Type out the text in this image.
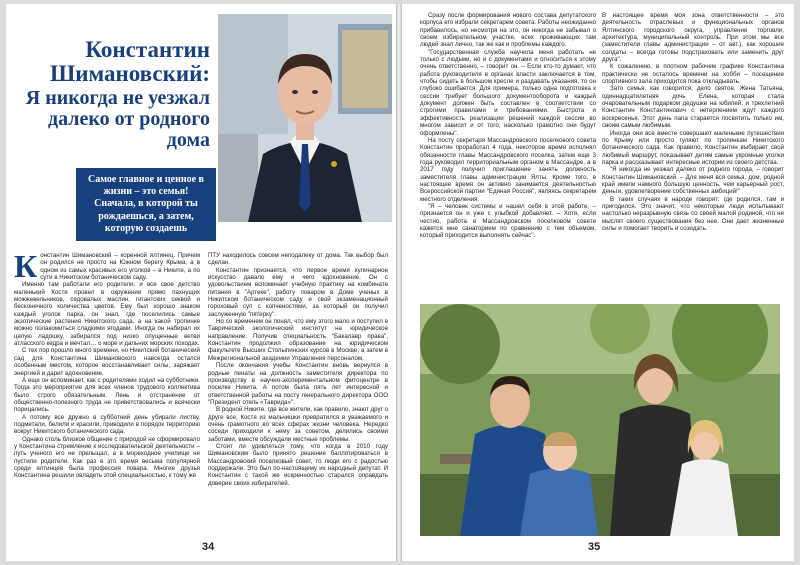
Константин Шимановский:
Я никогда не уезжал далеко от родного дома
Самое главное и ценное в жизни – это семья! Сначала, в которой ты рождаешься, а затем, которую создаешь

Константин Шимановский – коренной ялтинец. Причем он родился не просто на Южном берегу Крыма, а в одном из самых красивых его уголков – в Никите, а по сути в Никитском ботаническом саду.

Именно там работали его родители, и все свое детство маленький Костя провел в окружении прямо пахнущих можжевельников, седовалых маслин, гигантских секвой и бесконечного количества цветов. Ему был хорошо знаком каждый уголок парка, он знал, где поселились самые экзотические растения Никитского сада, а на какой тропинке можно полакомиться сладкими ягодами. Иногда он набирал их целую ладошку, забирался под низко опущенные ветви атласского кедра и мечтал… о море и дальних морских походах.

С тех пор прошло много времени, но Никитский ботанический сад для Константина Шимановского навсегда остался особенным местом, которое восстанавливает силы, заряжает энергией и дарит вдохновение.

А еще он вспоминает, как с родителями ходил на субботники. Тогда это мероприятие для всех членов трудового коллектива было строго обязательным. Лень и отстранение от общественно-полезного труда не приветствовались и всячески порицались.

А потому все дружно в субботний день убирали листву, подметали, белили и красили, приводили в порядок территорию вокруг Никитского ботанического сада.

Однако столь близкое общение с природой не сформировало у Константина стремление к исследовательской деятельности – путь ученого его не прельщал, а в мореходное училище не пустили родители. Как раз в это время весьма популярной среди ялтинцев была профессия повара. Многие друзья Константина решили овладеть этой специальностью, к тому же

ПТУ находилось совсем неподалеку от дома. Так выбор был сделан.

Константин признается, что первое время кулинарное искусство давало ему и чего вдохновение. Он с удовольствием вспоминает учебную практику на комбинате питания в "Артеке", работу поваром в Доме ученых в Никитском ботаническом саду и свой экзаменационный гороховый суп с копченостями, за который он получил заслуженную "пятерку".

Но со временем он понял, что ему этого мало и поступил в Таврический экологический институт на юридическое направление. Получив специальность "Бакалавр права", Константин продолжил образование на юридическом факультете Высших Столыпинских курсов в Москве, а затем в Межрегиональной академии Управления персоналом.

После окончания учебы Константин вновь вернулся в родные пенаты на должность заместителя директора по производству в научно-экспериментальном фитоцентре в поселке Никита. А потом была пять лет интересной и ответственной работы на посту генерального директора ООО "Президент отель «Таврида»".

В родной Никите, где все жители, как правило, знают друг о друге все, Костя из мальчишки превратился в уважаемого и очень грамотного во всех сферах жизни человека. Нередко соседи приходили к нему за советом, делились своими заботами, вместе обсуждали местные проблемы.

Стоит ли удивляться тому, что когда в 2010 году Шимановским было принято решение баллотироваться в Массандровский поселковый совет, то люди его с радостью поддержали. Это был по-настоящему их народный депутат. И Константин с такой же искренностью старался оправдать доверие своих избирателей.

34

Сразу после формирования нового состава депутатского корпуса его избрали секретарем совета. Работы неожиданно прибавилось, но несмотря на это, он никогда не забывал о своем избирательном участке, всех проживающих там людей знал лично, так же как и проблемы каждого.

"Государственная служба научила меня работать не только с людьми, но и с документами и относиться к этому очень ответственно, – говорит он. – Если кто-то думает, что работа руководителя в органах власти заключается в том, чтобы сидеть в большом кресле и раздавать указания, то он глубоко ошибается. Для примера, только одна подготовка к сессии требует большого документооборота и каждый документ должен быть составлен в соответствии со строгими правилами и требованиями. Быстрота и эффективность реализации решений каждой сессии во многом зависит и от того, насколько грамотно они будут оформлены".

На посту секретаря Массандровского поселкового совета Константин проработал 4 года, некоторое время исполнял обязанности главы Массандровского поселка, затем еще 3 года руководил территориальным органом в Массандре, а в 2017 году получил приглашение занять должность заместителя главы администрации Ялты. Кроме того, в настоящее время он активно занимается деятельностью Всероссийской партии "Единая Россия", являясь секретарем местного отделения.

"Я – человек системы и нашел себя в этой работе, – признается он и уже с улыбкой добавляет. – Хотя, если честно, работа в Массандровском поселковом совете кажется мне санаторием по сравнению с тем объемом, который приходится выполнять сейчас".

В настоящее время моя зона ответственности – это деятельность отраслевых и функциональных органов Ялтинского городского округа, управление торговли, архитектура, муниципальный контроль. При этом мы все (заместители главы администрации – от авт.), как хорошие солдаты – всегда готовы подстраховать или заменить друг друга".

К сожалению, в плотном рабочем графике Константина практически не осталось времени на хобби – посещение спортивного зала приходится пока откладывать.

Зато семья, как говорится, дело святое. Жена Татьяна, одиннадцатилетняя дочь Елена, которая стала очаровательным подарком дедушке на юбилей, и трехлетний Константин Константинович с нетерпением ждут каждого воскресенья. Этот день папа старается посвятить только им, своим самым любимым.

Иногда они все вместе совершают маленькие путешествия по Крыму или просто гуляют по тропинкам Никитского ботанического сада. Как правило, Константин выбирает свой любимый маршрут, показывает детям самые укромные уголки парка и рассказывает интересные истории из своего детства.

"Я никогда не уезжал далеко от родного города, – говорит Константин Шимановский. – Для меня вся семья, дом, родной край имели намного большую ценность, чем карьерный рост, деньги, удовлетворение собственных амбиций!"

В таких случаях в народе говорят: где родился, там и пригодился. Это значит, что некоторые люди испытывают настолько неразрывную связь со своей малой родиной, что не мыслят своего существования без нее. Они дает жизненные силы и помогает творить и созидать.

35
